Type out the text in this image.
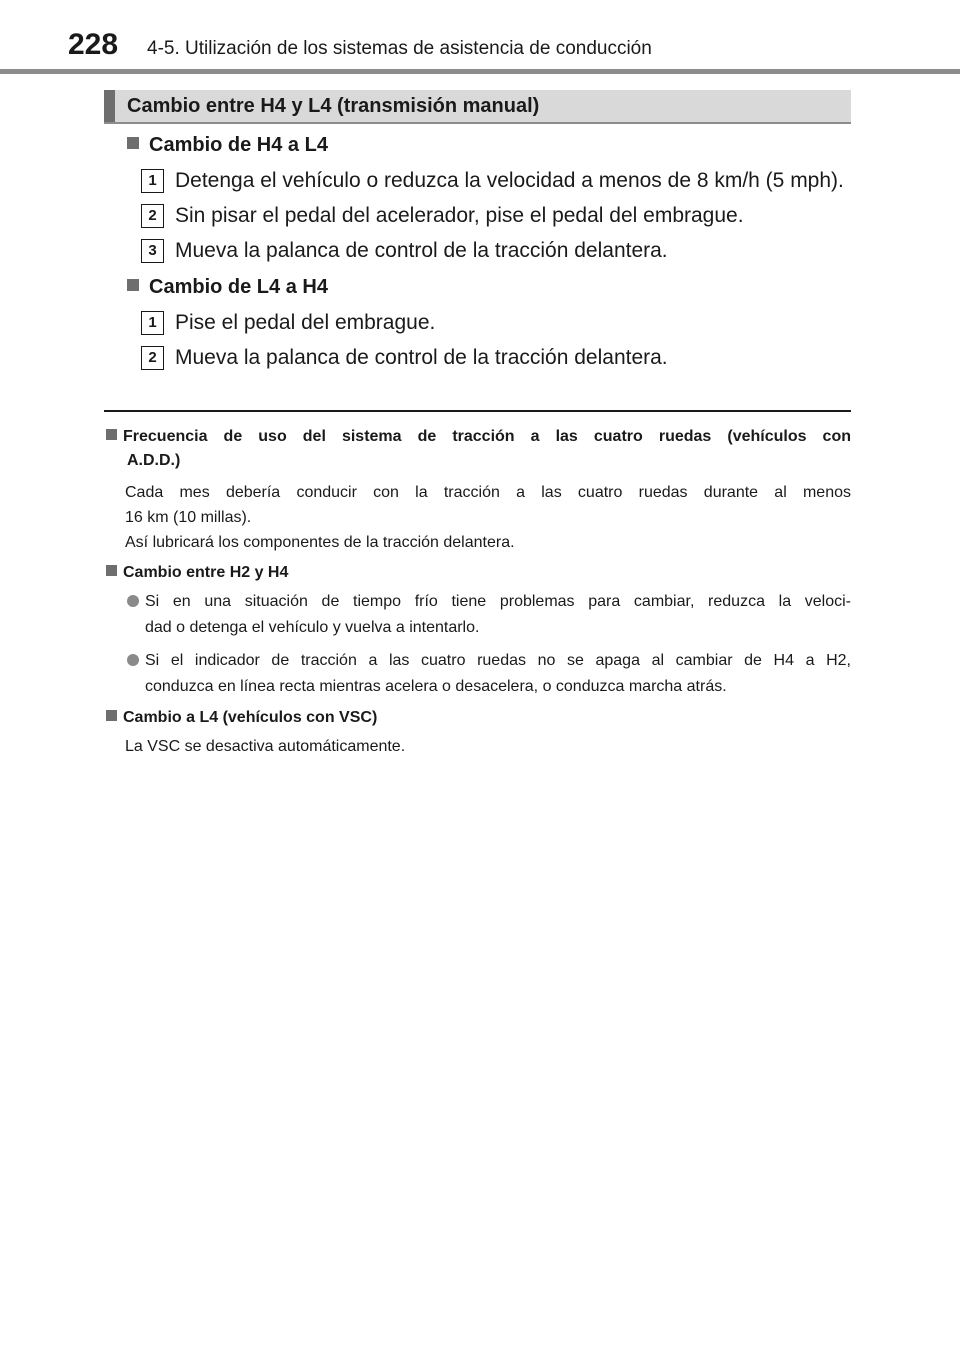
228 4-5. Utilización de los sistemas de asistencia de conducción
Cambio entre H4 y L4 (transmisión manual)
Cambio de H4 a L4
1 Detenga el vehículo o reduzca la velocidad a menos de 8 km/h (5 mph).
2 Sin pisar el pedal del acelerador, pise el pedal del embrague.
3 Mueva la palanca de control de la tracción delantera.
Cambio de L4 a H4
1 Pise el pedal del embrague.
2 Mueva la palanca de control de la tracción delantera.
Frecuencia de uso del sistema de tracción a las cuatro ruedas (vehículos con
A.D.D.)
Cada mes debería conducir con la tracción a las cuatro ruedas durante al menos
16 km (10 millas).
Así lubricará los componentes de la tracción delantera.
Cambio entre H2 y H4
Si en una situación de tiempo frío tiene problemas para cambiar, reduzca la veloci-
dad o detenga el vehículo y vuelva a intentarlo.
Si el indicador de tracción a las cuatro ruedas no se apaga al cambiar de H4 a H2,
conduzca en línea recta mientras acelera o desacelera, o conduzca marcha atrás.
Cambio a L4 (vehículos con VSC)
La VSC se desactiva automáticamente.
